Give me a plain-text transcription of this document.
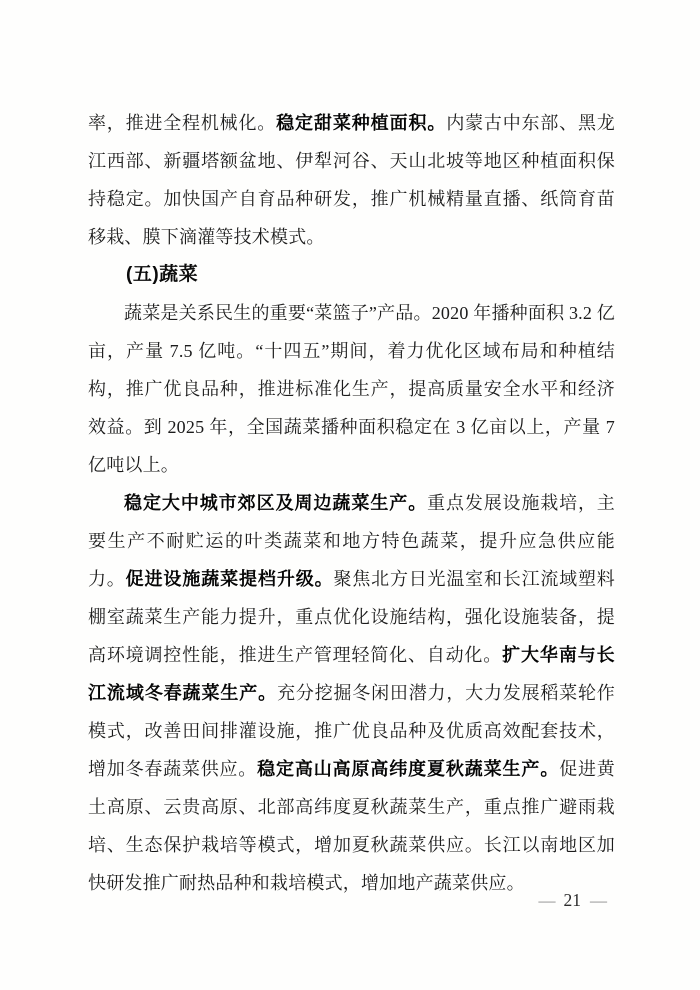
率，推进全程机械化。稳定甜菜种植面积。内蒙古中东部、黑龙江西部、新疆塔额盆地、伊犁河谷、天山北坡等地区种植面积保持稳定。加快国产自育品种研发，推广机械精量直播、纸筒育苗移栽、膜下滴灌等技术模式。

(五)蔬菜

蔬菜是关系民生的重要“菜篮子”产品。2020 年播种面积 3.2 亿亩，产量 7.5 亿吨。“十四五”期间，着力优化区域布局和种植结构，推广优良品种，推进标准化生产，提高质量安全水平和经济效益。到 2025 年，全国蔬菜播种面积稳定在 3 亿亩以上，产量 7 亿吨以上。

稳定大中城市郊区及周边蔬菜生产。重点发展设施栽培，主要生产不耐贮运的叶类蔬菜和地方特色蔬菜，提升应急供应能力。促进设施蔬菜提档升级。聚焦北方日光温室和长江流域塑料棚室蔬菜生产能力提升，重点优化设施结构，强化设施装备，提高环境调控性能，推进生产管理轻简化、自动化。扩大华南与长江流域冬春蔬菜生产。充分挖掘冬闲田潜力，大力发展稻菜轮作模式，改善田间排灌设施，推广优良品种及优质高效配套技术，增加冬春蔬菜供应。稳定高山高原高纬度夏秋蔬菜生产。促进黄土高原、云贵高原、北部高纬度夏秋蔬菜生产，重点推广避雨栽培、生态保护栽培等模式，增加夏秋蔬菜供应。长江以南地区加快研发推广耐热品种和栽培模式，增加地产蔬菜供应。

— 21 —
